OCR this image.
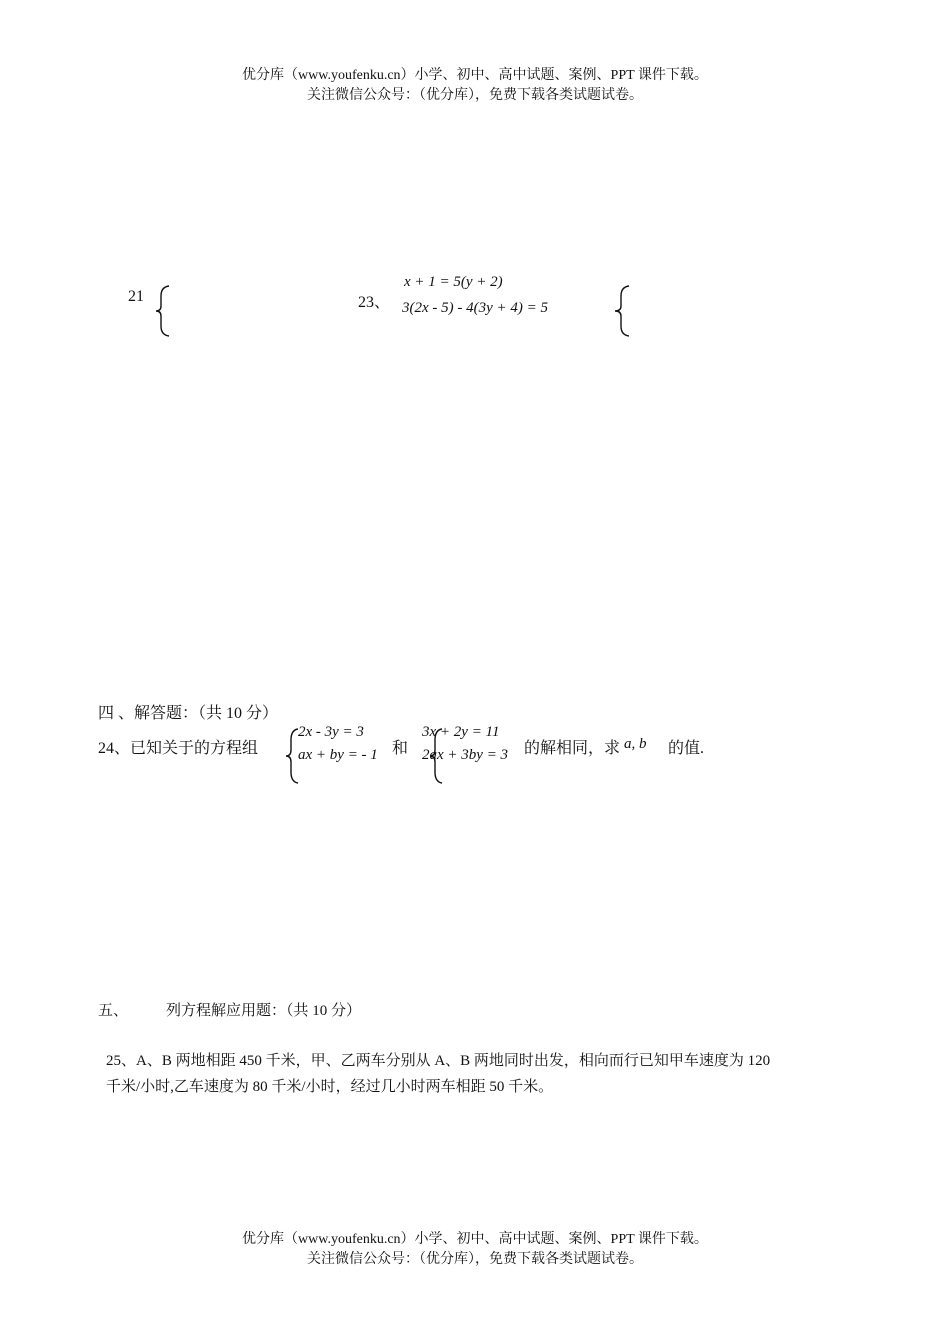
优分库（www.youfenku.cn）小学、初中、高中试题、案例、PPT 课件下载。
关注微信公众号：（优分库），免费下载各类试题试卷。
21	23、
x + 1 = 5(y + 2)
3(2x - 5) - 4(3y + 4) = 5
四 、解答题：（共 10 分）
24、已知关于的方程组
2x - 3y = 3
ax + by = - 1 和
3x + 2y = 11
2ax + 3by = 3 的解相同，求 a, b 的值.
五、	列方程解应用题：（共 10 分）
25、A、B 两地相距 450 千米，甲、乙两车分别从 A、B 两地同时出发，相向而行已知甲车速度为 120
千米/小时,乙车速度为 80 千米/小时，经过几小时两车相距 50 千米。
优分库（www.youfenku.cn）小学、初中、高中试题、案例、PPT 课件下载。
关注微信公众号：（优分库），免费下载各类试题试卷。
